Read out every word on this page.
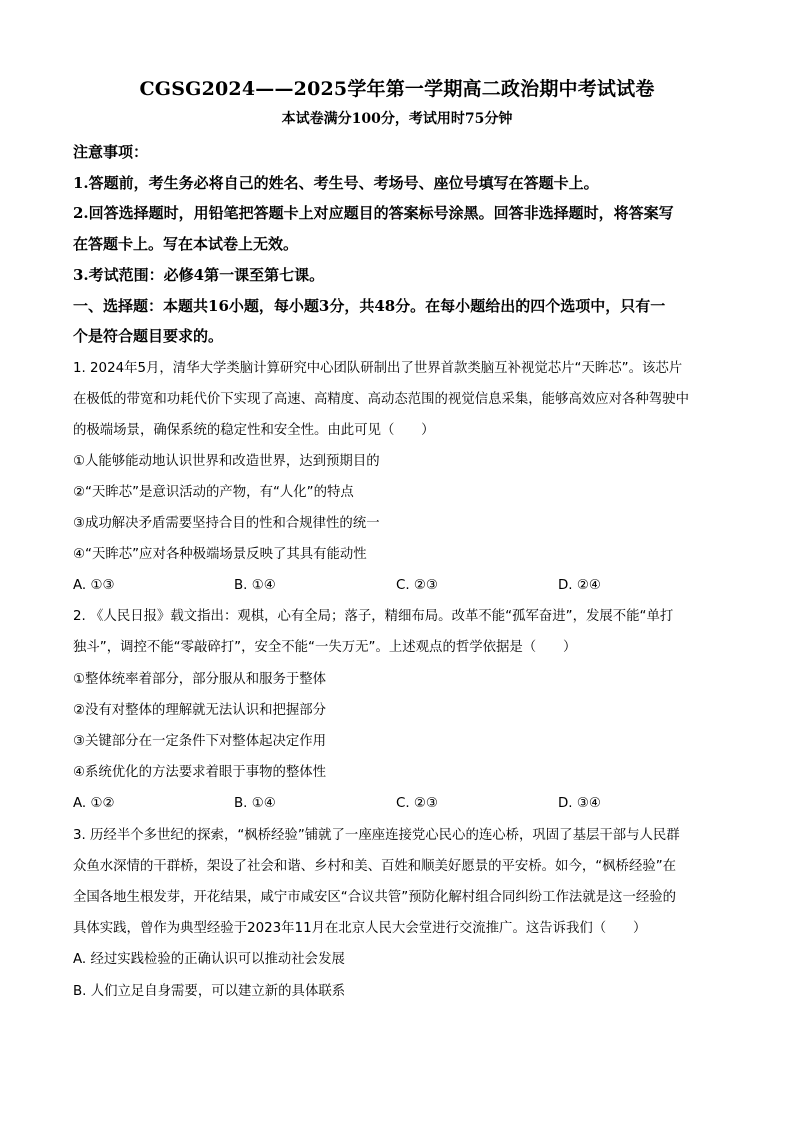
CGSG2024——2025学年第一学期高二政治期中考试试卷
本试卷满分100分，考试用时75分钟
注意事项：
1.答题前，考生务必将自己的姓名、考生号、考场号、座位号填写在答题卡上。
2.回答选择题时，用铅笔把答题卡上对应题目的答案标号涂黑。回答非选择题时，将答案写
在答题卡上。写在本试卷上无效。
3.考试范围：必修4第一课至第七课。
一、选择题：本题共16小题，每小题3分，共48分。在每小题给出的四个选项中，只有一
个是符合题目要求的。
1. 2024年5月，清华大学类脑计算研究中心团队研制出了世界首款类脑互补视觉芯片“天眸芯”。该芯片
在极低的带宽和功耗代价下实现了高速、高精度、高动态范围的视觉信息采集，能够高效应对各种驾驶中
的极端场景，确保系统的稳定性和安全性。由此可见（　　）
①人能够能动地认识世界和改造世界，达到预期目的
②“天眸芯”是意识活动的产物，有“人化”的特点
③成功解决矛盾需要坚持合目的性和合规律性的统一
④“天眸芯”应对各种极端场景反映了其具有能动性
A. ①③	B. ①④	C. ②③	D. ②④
2. 《人民日报》载文指出：观棋，心有全局；落子，精细布局。改革不能“孤军奋进”，发展不能“单打
独斗”，调控不能“零敲碎打”，安全不能“一失万无”。上述观点的哲学依据是（　　）
①整体统率着部分，部分服从和服务于整体
②没有对整体的理解就无法认识和把握部分
③关键部分在一定条件下对整体起决定作用
④系统优化的方法要求着眼于事物的整体性
A. ①②	B. ①④	C. ②③	D. ③④
3. 历经半个多世纪的探索，“枫桥经验”铺就了一座座连接党心民心的连心桥，巩固了基层干部与人民群
众鱼水深情的干群桥，架设了社会和谐、乡村和美、百姓和顺美好愿景的平安桥。如今，“枫桥经验”在
全国各地生根发芽，开花结果，咸宁市咸安区“合议共管”预防化解村组合同纠纷工作法就是这一经验的
具体实践，曾作为典型经验于2023年11月在北京人民大会堂进行交流推广。这告诉我们（　　）
A. 经过实践检验的正确认识可以推动社会发展
B. 人们立足自身需要，可以建立新的具体联系
